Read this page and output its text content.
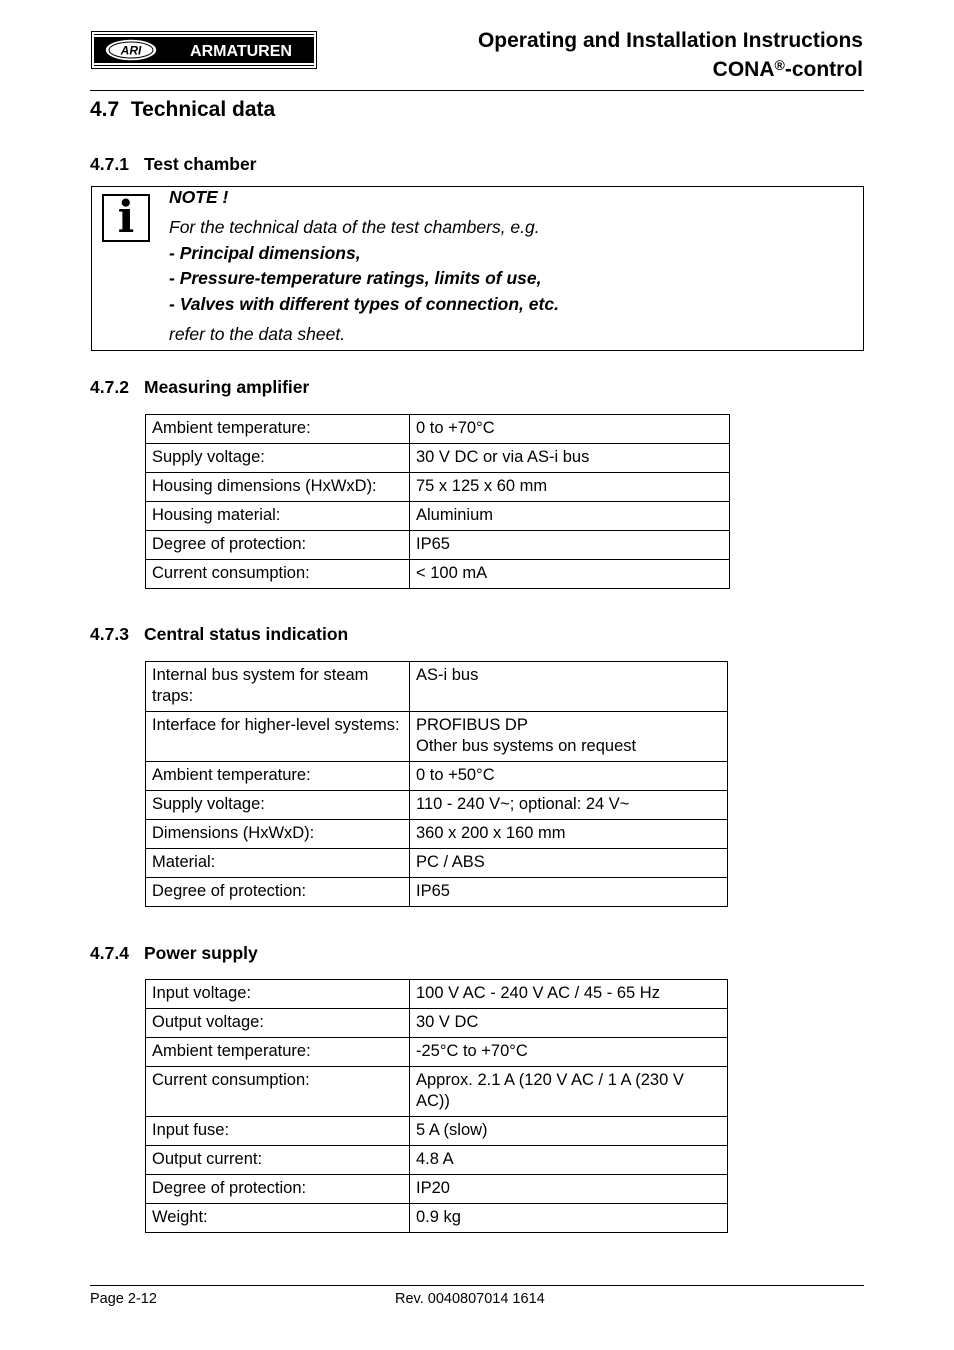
ARI	ARMATUREN	Operating and Installation Instructions
CONA®-control
4.7 Technical data
4.7.1 Test chamber
i	NOTE !
For the technical data of the test chambers, e.g.
- Principal dimensions,
- Pressure-temperature ratings, limits of use,
- Valves with different types of connection, etc.
refer to the data sheet.
4.7.2 Measuring amplifier
Ambient temperature:	0 to +70°C
Supply voltage:	30 V DC or via AS-i bus
Housing dimensions (HxWxD):	75 x 125 x 60 mm
Housing material:	Aluminium
Degree of protection:	IP65
Current consumption:	< 100 mA
4.7.3 Central status indication
Internal bus system for steam traps:	AS-i bus
Interface for higher-level systems:	PROFIBUS DP
Other bus systems on request

Ambient temperature:	0 to +50°C
Supply voltage:	110 - 240 V~; optional: 24 V~
Dimensions (HxWxD):	360 x 200 x 160 mm
Material:	PC / ABS
Degree of protection:	IP65
4.7.4 Power supply
Input voltage:	100 V AC - 240 V AC / 45 - 65 Hz
Output voltage:	30 V DC
Ambient temperature:	-25°C to +70°C
Current consumption:	Approx. 2.1 A (120 V AC / 1 A (230 V AC))
Input fuse:	5 A (slow)
Output current:	4.8 A
Degree of protection:	IP20
Weight:	0.9 kg
Page 2-12	Rev. 0040807014 1614
